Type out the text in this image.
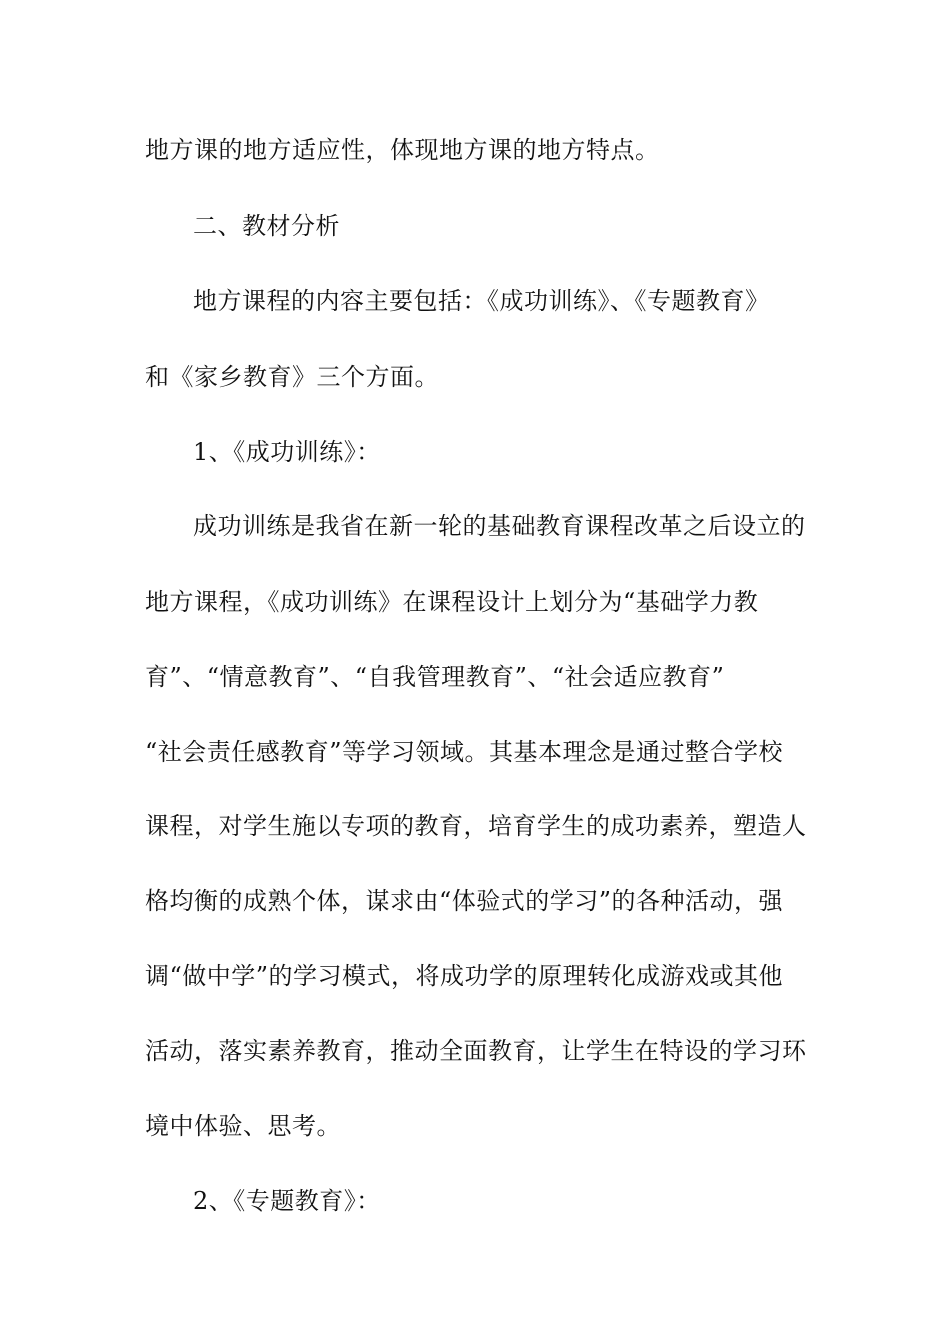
地方课的地方适应性，体现地方课的地方特点。
二、教材分析
地方课程的内容主要包括：《成功训练》、《专题教育》
和《家乡教育》三个方面。
1、《成功训练》：
成功训练是我省在新一轮的基础教育课程改革之后设立的
地方课程，《成功训练》在课程设计上划分为“基础学力教
育”、“情意教育”、“自我管理教育”、“社会适应教育”
“社会责任感教育”等学习领域。其基本理念是通过整合学校
课程，对学生施以专项的教育，培育学生的成功素养，塑造人
格均衡的成熟个体，谋求由“体验式的学习”的各种活动，强
调“做中学”的学习模式，将成功学的原理转化成游戏或其他
活动，落实素养教育，推动全面教育，让学生在特设的学习环
境中体验、思考。
2、《专题教育》：
